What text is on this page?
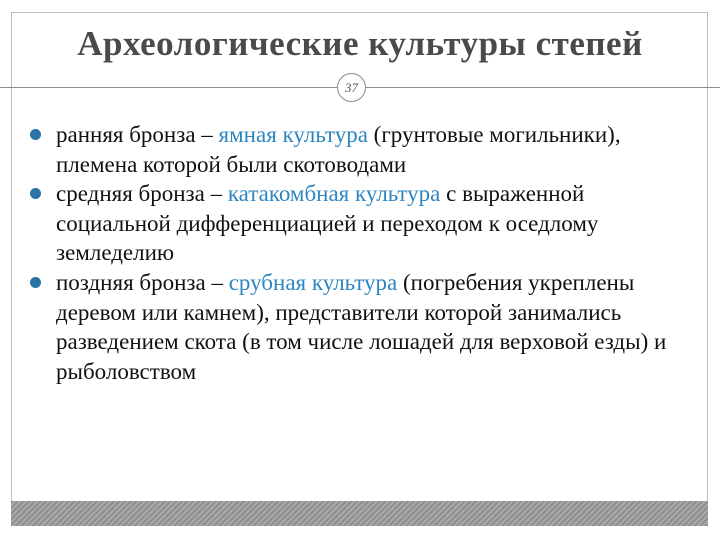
Археологические культуры степей
37
ранняя бронза – ямная культура (грунтовые могильники), племена которой были скотоводами
средняя бронза – катакомбная культура с выраженной социальной дифференциацией и переходом к оседлому земледелию
поздняя бронза – срубная культура (погребения укреплены деревом или камнем), представители которой занимались разведением скота (в том числе лошадей для верховой езды) и рыболовством
